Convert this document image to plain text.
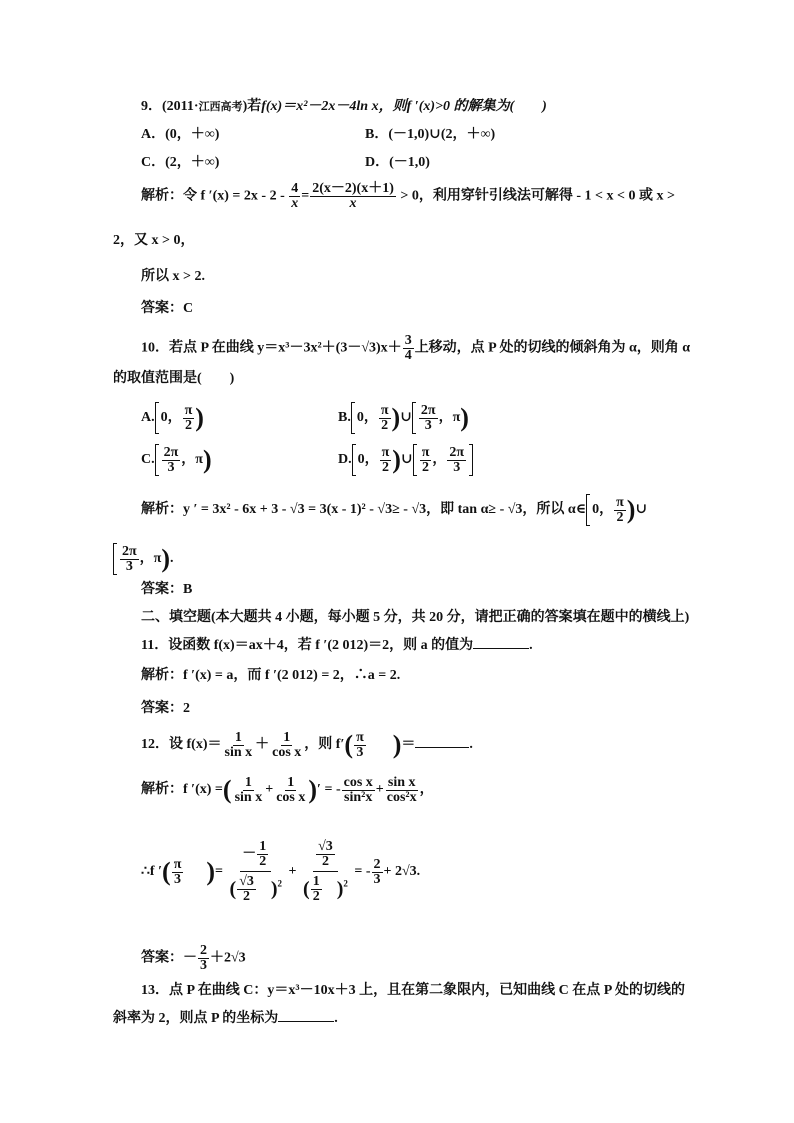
9．(2011·江西高考)若f(x)＝x²－2x－4ln x，则f ′(x)>0 的解集为(　　)
A．(0，＋∞)	B．(－1,0)∪(2，＋∞)
C．(2，＋∞)	D．(－1,0)
解析：令 f $'(x) = 2x - 2 - \frac{4}{x} = \frac{2(x-2)(x+1)}{x} > 0$，利用穿针引线法可解得 - 1 < x < 0 或 x >
2，又 x > 0，
所以 x > 2.
答案：C
10．若点 P 在曲线 $y=x^3-3x^2+(3-√3)x+ \frac{3}{4}$ 上移动，点 P 处的切线的倾斜角为 α，则角 α
的取值范围是(　　)
A. 0， $\frac{\pi}{2}$ )	B. 0， $\frac{\pi}{2}$ )∪ $\frac{2\pi}{3}$ ，π)
C. $\frac{2\pi}{3}$ ，π)	D. 0， $\frac{\pi}{2}$ )∪ $\frac{\pi}{2}$ ， $\frac{2\pi}{3}$
解析：y ′ = 3x² - 6x + 3 - √3 = 3(x - 1)² - √3≥ - √3，即 tan α≥ - √3，所以 α∈ 0， $\frac{\pi}{2}$ )∪
$\frac{2\pi}{3}$ ，π).
答案：B
二、填空题(本大题共 4 小题，每小题 5 分，共 20 分，请把正确的答案填在题中的横线上)
11．设函数 f(x)＝ax＋4，若 f ′(2 012)＝2，则 a 的值为	.
解析：f ′(x) = a，而 f ′(2 012) = 2，∴a = 2.
答案：2
12．设 $f(x)= \frac{1}{\text{sin x}} + \frac{1}{\text{cos x}}$ ，则 $f'( \frac{\pi}{3}$ )＝	.
解析：f ′(x) =( $\frac{1}{\text{sin x}} + \frac{1}{\text{cos x}}$ )′ = - $\frac{\text{cos x}}{\text{sin²x}} + \frac{\text{sin x}}{\text{cos²x}}$ ，
∴f ′( $\frac{\pi}{3}$ )= $\frac{- \frac{1}{2}}{( \frac{√3}{2} )^2} + \frac{\frac{√3}{2}}{( \frac{1}{2} )^2}$ = - $\frac{2}{3} + 2√3$.
答案：－ $\frac{2}{3} +2√3$
13．点 P 在曲线 C：y＝x³－10x＋3 上，且在第二象限内，已知曲线 C 在点 P 处的切线的
斜率为 2，则点 P 的坐标为	.
